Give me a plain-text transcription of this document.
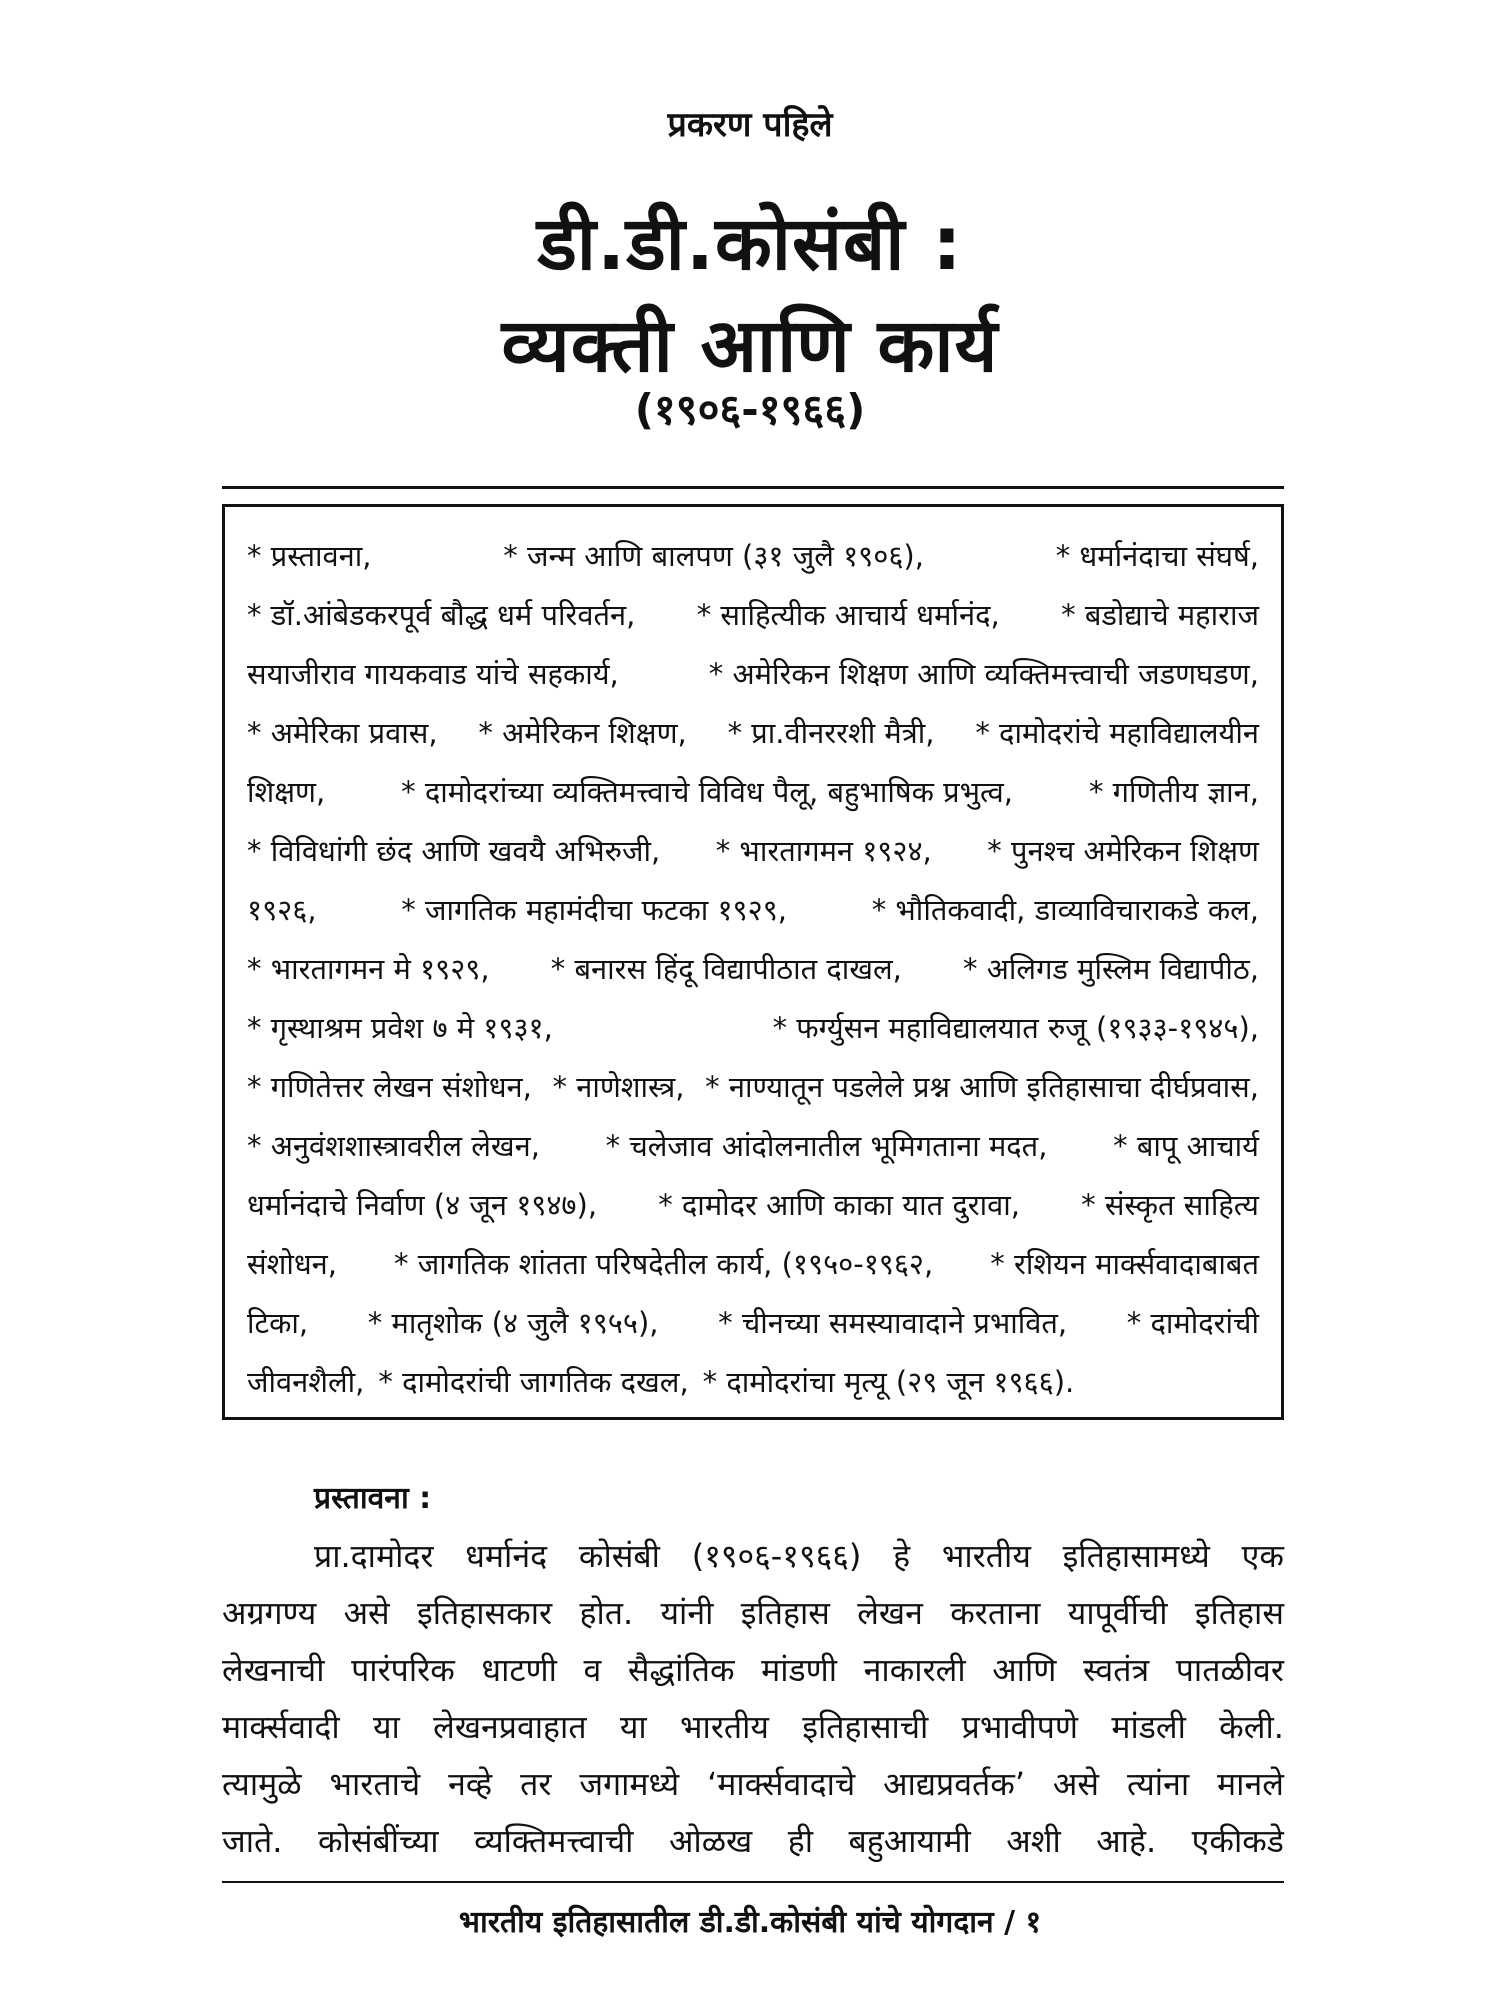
प्रकरण पहिले
डी.डी.कोसंबी :
व्यक्ती आणि कार्य
(१९०६-१९६६)
* प्रस्तावना,	* जन्म आणि बालपण (३१ जुलै १९०६),	* धर्मानंदाचा संघर्ष,
* डॉ.आंबेडकरपूर्व बौद्ध धर्म परिवर्तन, * साहित्यीक आचार्य धर्मानंद, * बडोद्याचे महाराज
सयाजीराव गायकवाड यांचे सहकार्य,	* अमेरिकन शिक्षण आणि व्यक्तिमत्त्वाची जडणघडण,
* अमेरिका प्रवास, * अमेरिकन शिक्षण, * प्रा.वीनररशी मैत्री, * दामोदरांचे महाविद्यालयीन
शिक्षण,	* दामोदरांच्या व्यक्तिमत्त्वाचे विविध पैलू, बहुभाषिक प्रभुत्व,	* गणितीय ज्ञान,
* विविधांगी छंद आणि खवयै अभिरुजी, * भारतागमन १९२४, * पुनश्च अमेरिकन शिक्षण
१९२६,	* जागतिक महामंदीचा फटका १९२९,	* भौतिकवादी, डाव्याविचाराकडे कल,
* भारतागमन मे १९२९, * बनारस हिंदू विद्यापीठात दाखल, * अलिगड मुस्लिम विद्यापीठ,
* गृस्थाश्रम प्रवेश ७ मे १९३१,	* फर्ग्युसन महाविद्यालयात रुजू (१९३३-१९४५),
* गणितेत्तर लेखन संशोधन, * नाणेशास्त्र, * नाण्यातून पडलेले प्रश्न आणि इतिहासाचा दीर्घप्रवास,
* अनुवंशशास्त्रावरील लेखन, * चलेजाव आंदोलनातील भूमिगताना मदत, * बापू आचार्य
धर्मानंदाचे निर्वाण (४ जून १९४७), * दामोदर आणि काका यात दुरावा, * संस्कृत साहित्य
संशोधन, * जागतिक शांतता परिषदेतील कार्य, (१९५०-१९६२, * रशियन मार्क्सवादाबाबत
टिका, * मातृशोक (४ जुलै १९५५), * चीनच्या समस्यावादाने प्रभावित, * दामोदरांची
जीवनशैली, * दामोदरांची जागतिक दखल, * दामोदरांचा मृत्यू (२९ जून १९६६).
प्रस्तावना :
प्रा.दामोदर धर्मानंद कोसंबी (१९०६-१९६६) हे भारतीय इतिहासामध्ये एक
अग्रगण्य असे इतिहासकार होत. यांनी इतिहास लेखन करताना यापूर्वीची इतिहास
लेखनाची पारंपरिक धाटणी व सैद्धांतिक मांडणी नाकारली आणि स्वतंत्र पातळीवर
मार्क्सवादी या लेखनप्रवाहात या भारतीय इतिहासाची प्रभावीपणे मांडली केली.
त्यामुळे भारताचे नव्हे तर जगामध्ये ‘मार्क्सवादाचे आद्यप्रवर्तक’ असे त्यांना मानले
जाते. कोसंबींच्या व्यक्तिमत्त्वाची ओळख ही बहुआयामी अशी आहे. एकीकडे
भारतीय इतिहासातील डी.डी.कोसंबी यांचे योगदान / १
